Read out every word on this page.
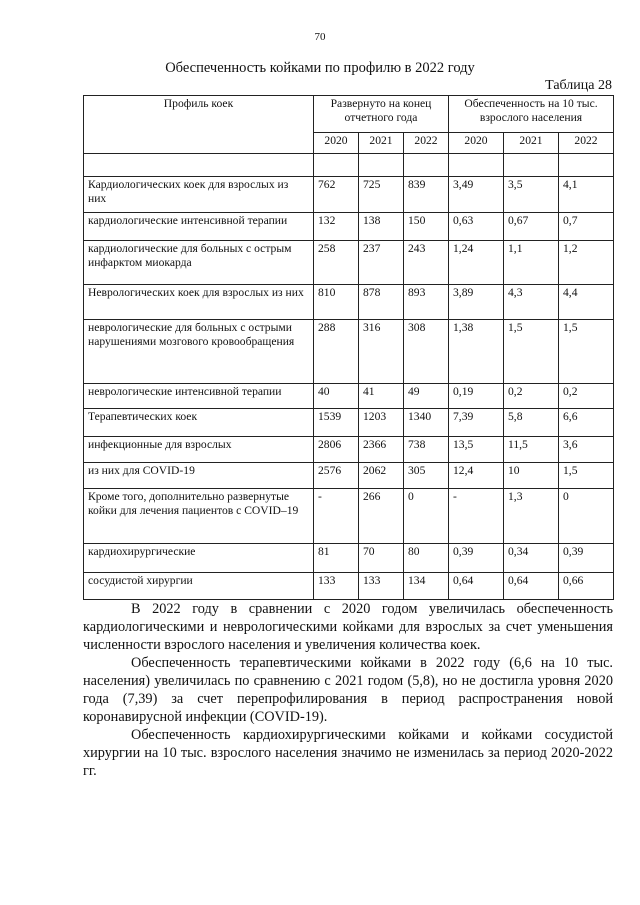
70
Обеспеченность койками по профилю в 2022 году
Таблица 28
Профиль коек	Развернуто на конец отчетного года			Обеспеченность на 10 тыс. взрослого населения		
	2020	2021	2022	2020	2021	2022

Кардиологических коек для взрослых из них	762	725	839	3,49	3,5	4,1
кардиологические интенсивной терапии	132	138	150	0,63	0,67	0,7
кардиологические для больных с острым инфарктом миокарда	258	237	243	1,24	1,1	1,2
Неврологических коек для взрослых из них	810	878	893	3,89	4,3	4,4
неврологические для больных с острыми нарушениями мозгового кровообращения	288	316	308	1,38	1,5	1,5
неврологические интенсивной терапии	40	41	49	0,19	0,2	0,2
Терапевтических коек	1539	1203	1340	7,39	5,8	6,6
инфекционные для взрослых	2806	2366	738	13,5	11,5	3,6
из них для COVID-19	2576	2062	305	12,4	10	1,5
Кроме того, дополнительно развернутые койки для лечения пациентов с COVID–19	-	266	0	-	1,3	0
кардиохирургические	81	70	80	0,39	0,34	0,39
сосудистой хирургии	133	133	134	0,64	0,64	0,66

В 2022 году в сравнении с 2020 годом увеличилась обеспеченность кардиологическими и неврологическими койками для взрослых за счет уменьшения численности взрослого населения и увеличения количества коек.

Обеспеченность терапевтическими койками в 2022 году (6,6 на 10 тыс. населения) увеличилась по сравнению с 2021 годом (5,8), но не достигла уровня 2020 года (7,39) за счет перепрофилирования в период распространения новой коронавирусной инфекции (COVID-19).

Обеспеченность кардиохирургическими койками и койками сосудистой хирургии на 10 тыс. взрослого населения значимо не изменилась за период 2020-2022 гг.
